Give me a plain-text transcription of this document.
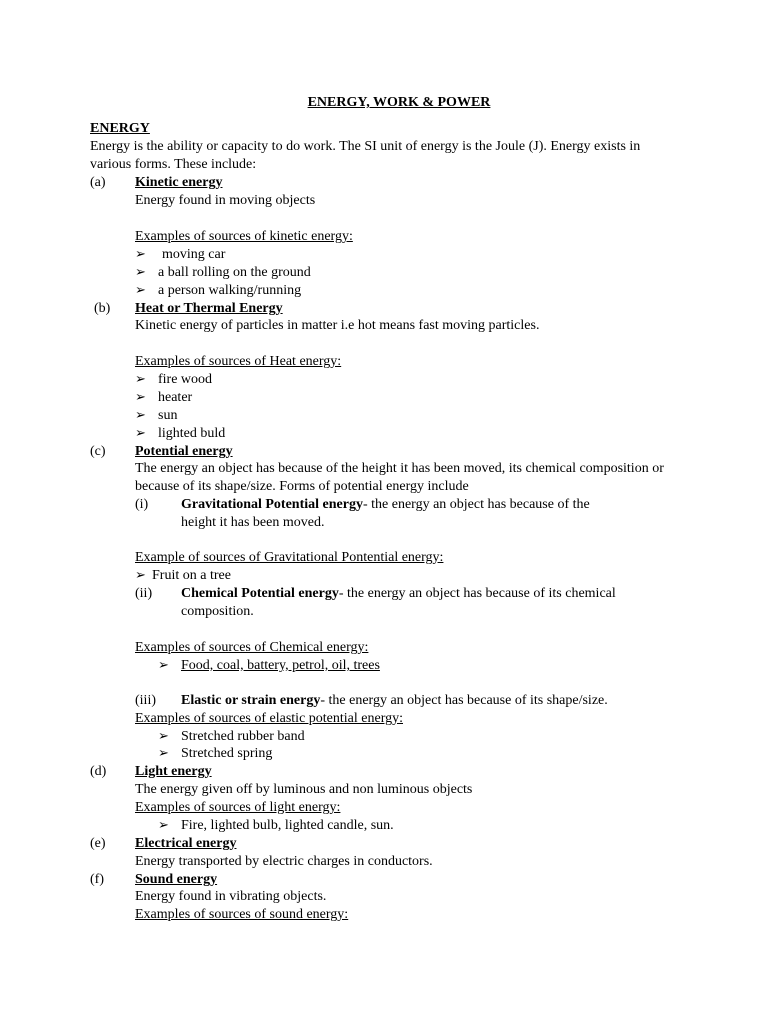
ENERGY, WORK & POWER
ENERGY
Energy is the ability or capacity to do work. The SI unit of energy is the Joule (J). Energy exists in
various forms. These include:
(a) Kinetic energy
Energy found in moving objects
Examples of sources of kinetic energy:
➢ moving car
➢ a ball rolling on the ground
➢ a person walking/running
(b) Heat or Thermal Energy
Kinetic energy of particles in matter i.e hot means fast moving particles.
Examples of sources of Heat energy:
➢ fire wood
➢ heater
➢ sun
➢ lighted buld
(c) Potential energy
The energy an object has because of the height it has been moved, its chemical composition or
because of its shape/size. Forms of potential energy include
(i) Gravitational Potential energy- the energy an object has because of the
height it has been moved.
Example of sources of Gravitational Pontential energy:
➢ Fruit on a tree
(ii) Chemical Potential energy- the energy an object has because of its chemical
composition.
Examples of sources of Chemical energy:
➢ Food, coal, battery, petrol, oil, trees
(iii) Elastic or strain energy- the energy an object has because of its shape/size.
Examples of sources of elastic potential energy:
➢ Stretched rubber band
➢ Stretched spring
(d) Light energy
The energy given off by luminous and non luminous objects
Examples of sources of light energy:
➢ Fire, lighted bulb, lighted candle, sun.
(e) Electrical energy
Energy transported by electric charges in conductors.
(f) Sound energy
Energy found in vibrating objects.
Examples of sources of sound energy:
